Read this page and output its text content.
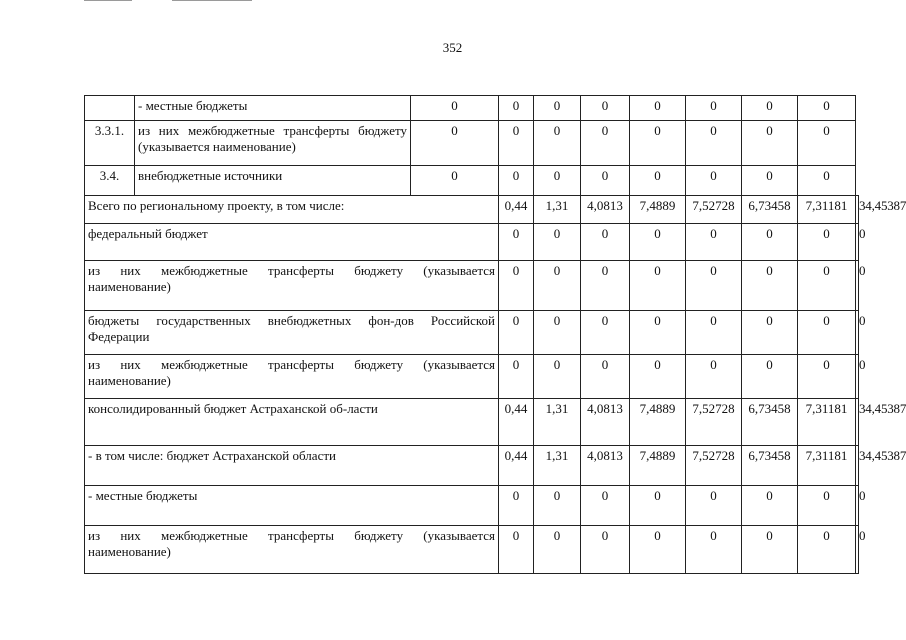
352
	- местные бюджеты	0	0	0	0	0	0	0	0	
3.3.1.	из них межбюджетные трансферты бюджету (указывается наименование)	0	0	0	0	0	0	0	0	
3.4.	внебюджетные источники	0	0	0	0	0	0	0	0	
Всего по региональному проекту, в том числе:			0,44	1,31	4,0813	7,4889	7,52728	6,73458	7,31181	34,45387
федеральный бюджет			0	0	0	0	0	0	0	0
из них межбюджетные трансферты бюджету (указывается наименование)			0	0	0	0	0	0	0	0
бюджеты государственных внебюджетных фон-дов Российской Федерации			0	0	0	0	0	0	0	0
из них межбюджетные трансферты бюджету (указывается наименование)			0	0	0	0	0	0	0	0
консолидированный бюджет Астраханской об-ласти			0,44	1,31	4,0813	7,4889	7,52728	6,73458	7,31181	34,45387
- в том числе: бюджет Астраханской области			0,44	1,31	4,0813	7,4889	7,52728	6,73458	7,31181	34,45387
- местные бюджеты			0	0	0	0	0	0	0	0
из них межбюджетные трансферты бюджету (указывается наименование)			0	0	0	0	0	0	0	0
